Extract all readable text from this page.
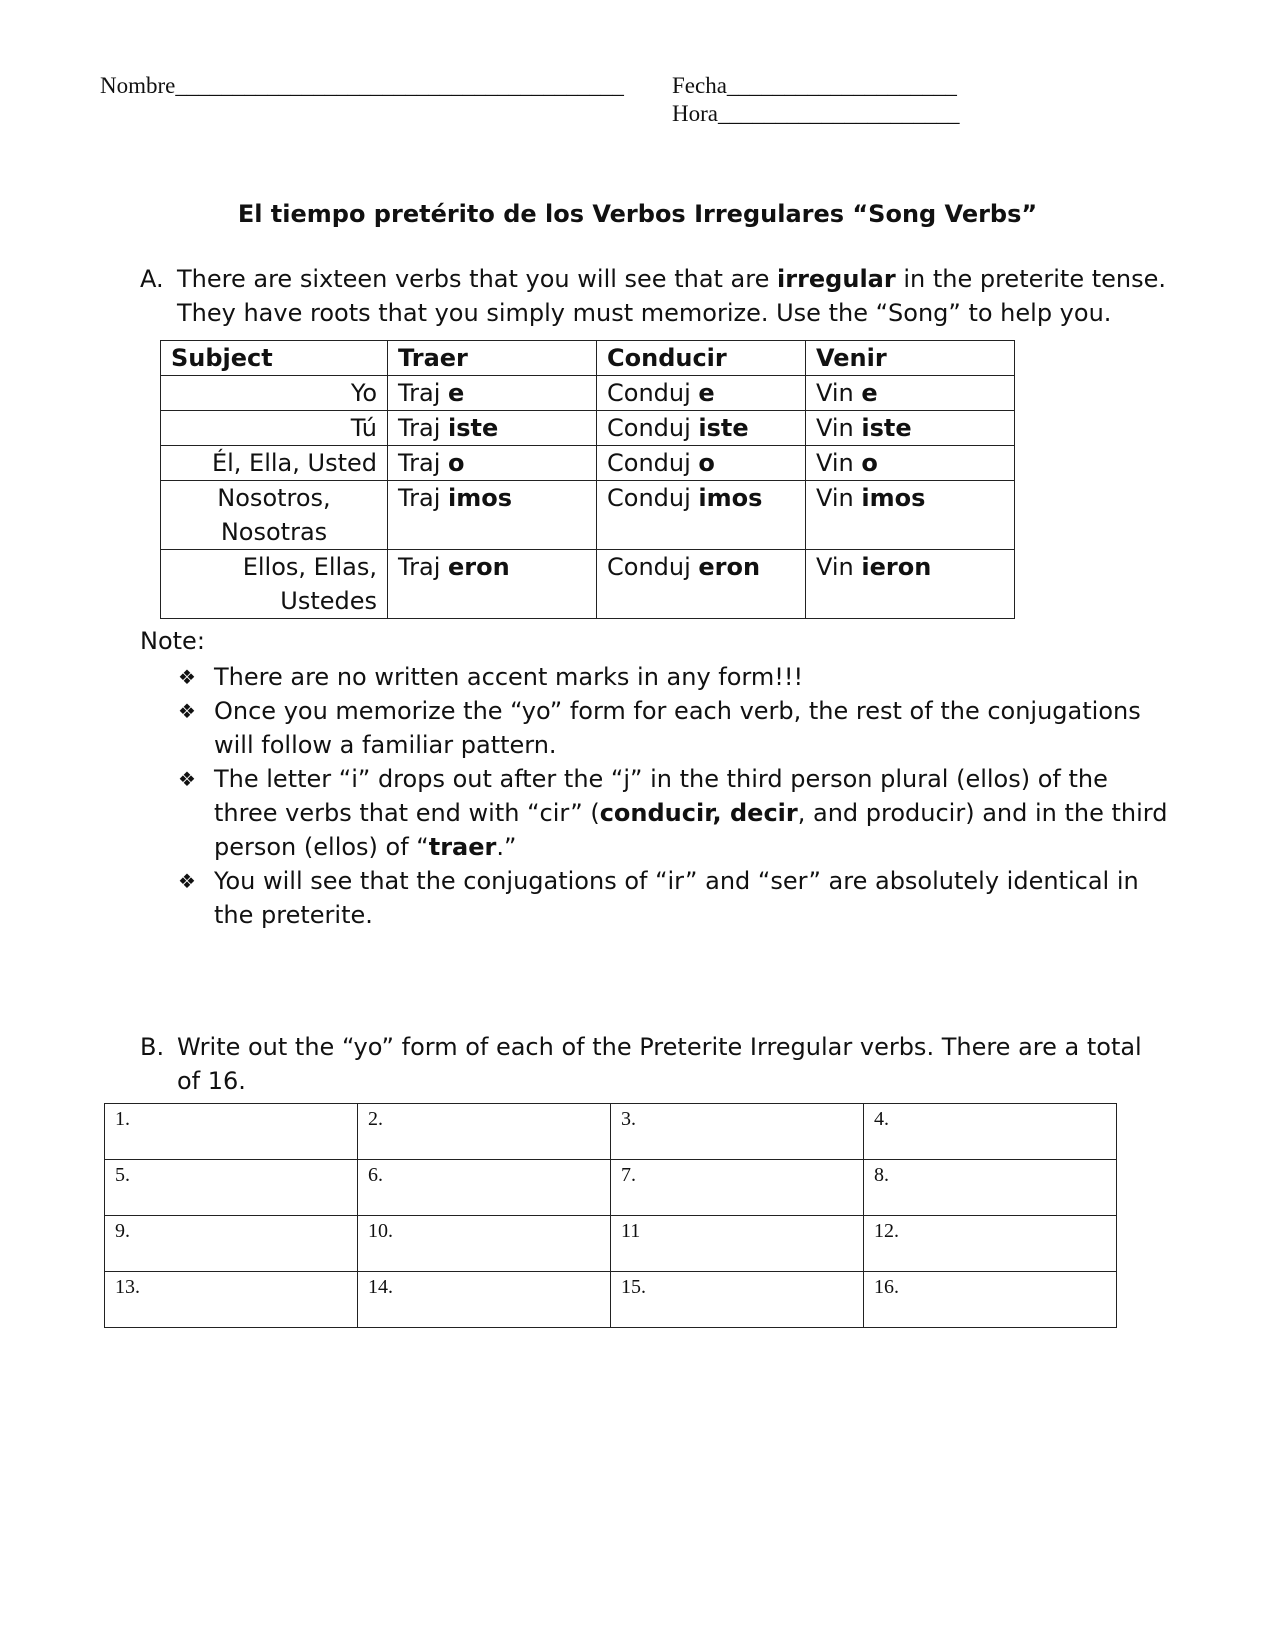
Nombre_______________________________________ Fecha____________________
Hora_____________________
El tiempo pretérito de los Verbos Irregulares “Song Verbs”
A. There are sixteen verbs that you will see that are irregular in the preterite tense.
They have roots that you simply must memorize. Use the “Song” to help you.
Subject	Traer	Conducir	Venir
Yo	Traj e	Conduj e	Vin e
Tú	Traj iste	Conduj iste	Vin iste
Él, Ella, Usted	Traj o	Conduj o	Vin o
Nosotros,
Nosotras	Traj imos	Conduj imos	Vin imos
Ellos, Ellas,
Ustedes	Traj eron	Conduj eron	Vin ieron
Note:
❖ There are no written accent marks in any form!!!
❖ Once you memorize the “yo” form for each verb, the rest of the conjugations will follow a familiar pattern.
❖ The letter “i” drops out after the “j” in the third person plural (ellos) of the three verbs that end with “cir” (conducir, decir, and producir) and in the third person (ellos) of “traer.”
❖ You will see that the conjugations of “ir” and “ser” are absolutely identical in the preterite.
B. Write out the “yo” form of each of the Preterite Irregular verbs. There are a total
of 16.
1.	2.	3.	4.
5.	6.	7.	8.
9.	10.	11	12.
13.	14.	15.	16.
